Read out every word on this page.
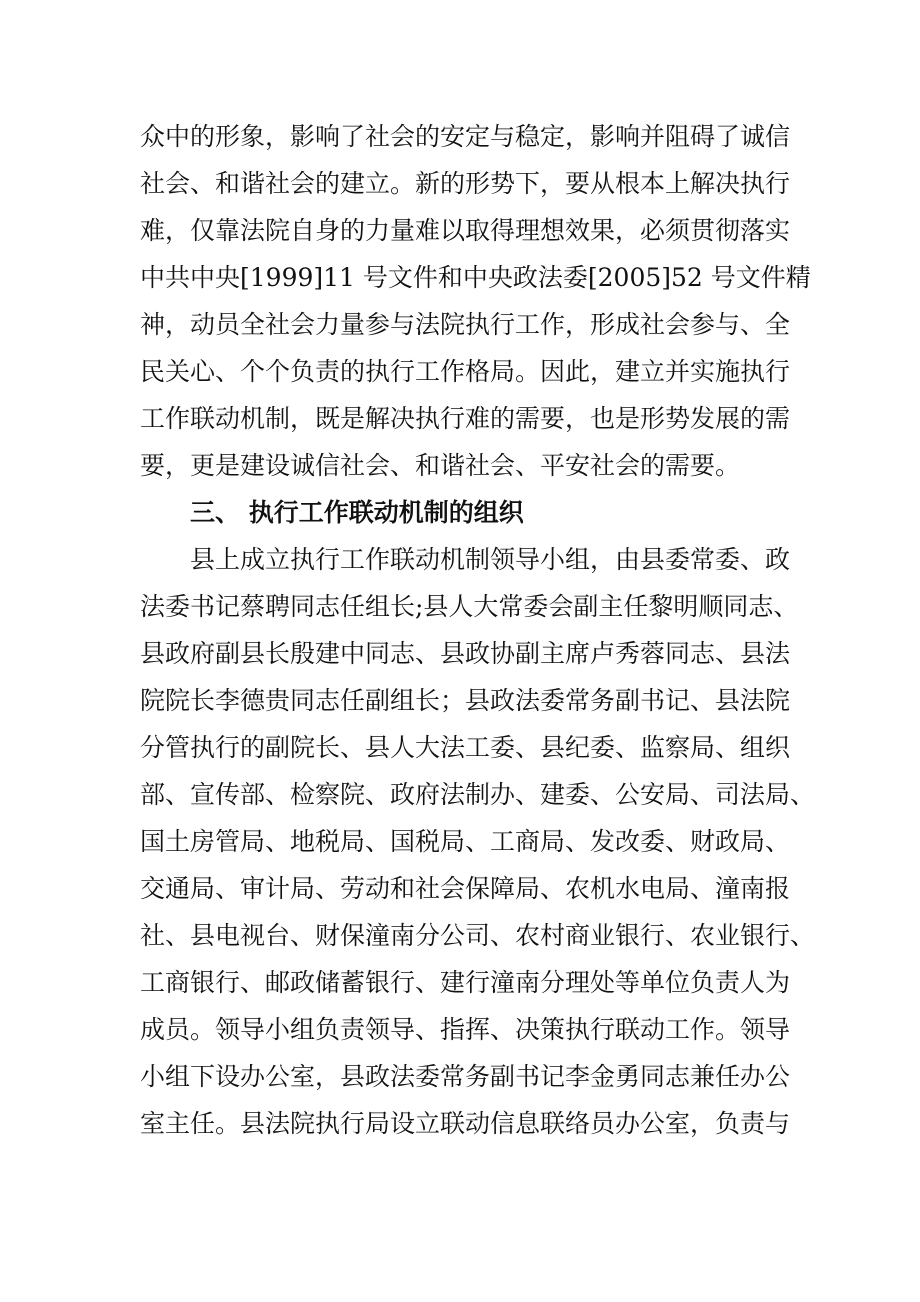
众中的形象，影响了社会的安定与稳定，影响并阻碍了诚信
社会、和谐社会的建立。新的形势下，要从根本上解决执行
难，仅靠法院自身的力量难以取得理想效果，必须贯彻落实
中共中央[1999]11 号文件和中央政法委[2005]52 号文件精
神，动员全社会力量参与法院执行工作，形成社会参与、全
民关心、个个负责的执行工作格局。因此，建立并实施执行
工作联动机制，既是解决执行难的需要，也是形势发展的需
要，更是建设诚信社会、和谐社会、平安社会的需要。
三、 执行工作联动机制的组织
县上成立执行工作联动机制领导小组，由县委常委、政
法委书记蔡聘同志任组长;县人大常委会副主任黎明顺同志、
县政府副县长殷建中同志、县政协副主席卢秀蓉同志、县法
院院长李德贵同志任副组长；县政法委常务副书记、县法院
分管执行的副院长、县人大法工委、县纪委、监察局、组织
部、宣传部、检察院、政府法制办、建委、公安局、司法局、
国土房管局、地税局、国税局、工商局、发改委、财政局、
交通局、审计局、劳动和社会保障局、农机水电局、潼南报
社、县电视台、财保潼南分公司、农村商业银行、农业银行、
工商银行、邮政储蓄银行、建行潼南分理处等单位负责人为
成员。领导小组负责领导、指挥、决策执行联动工作。领导
小组下设办公室，县政法委常务副书记李金勇同志兼任办公
室主任。县法院执行局设立联动信息联络员办公室，负责与
